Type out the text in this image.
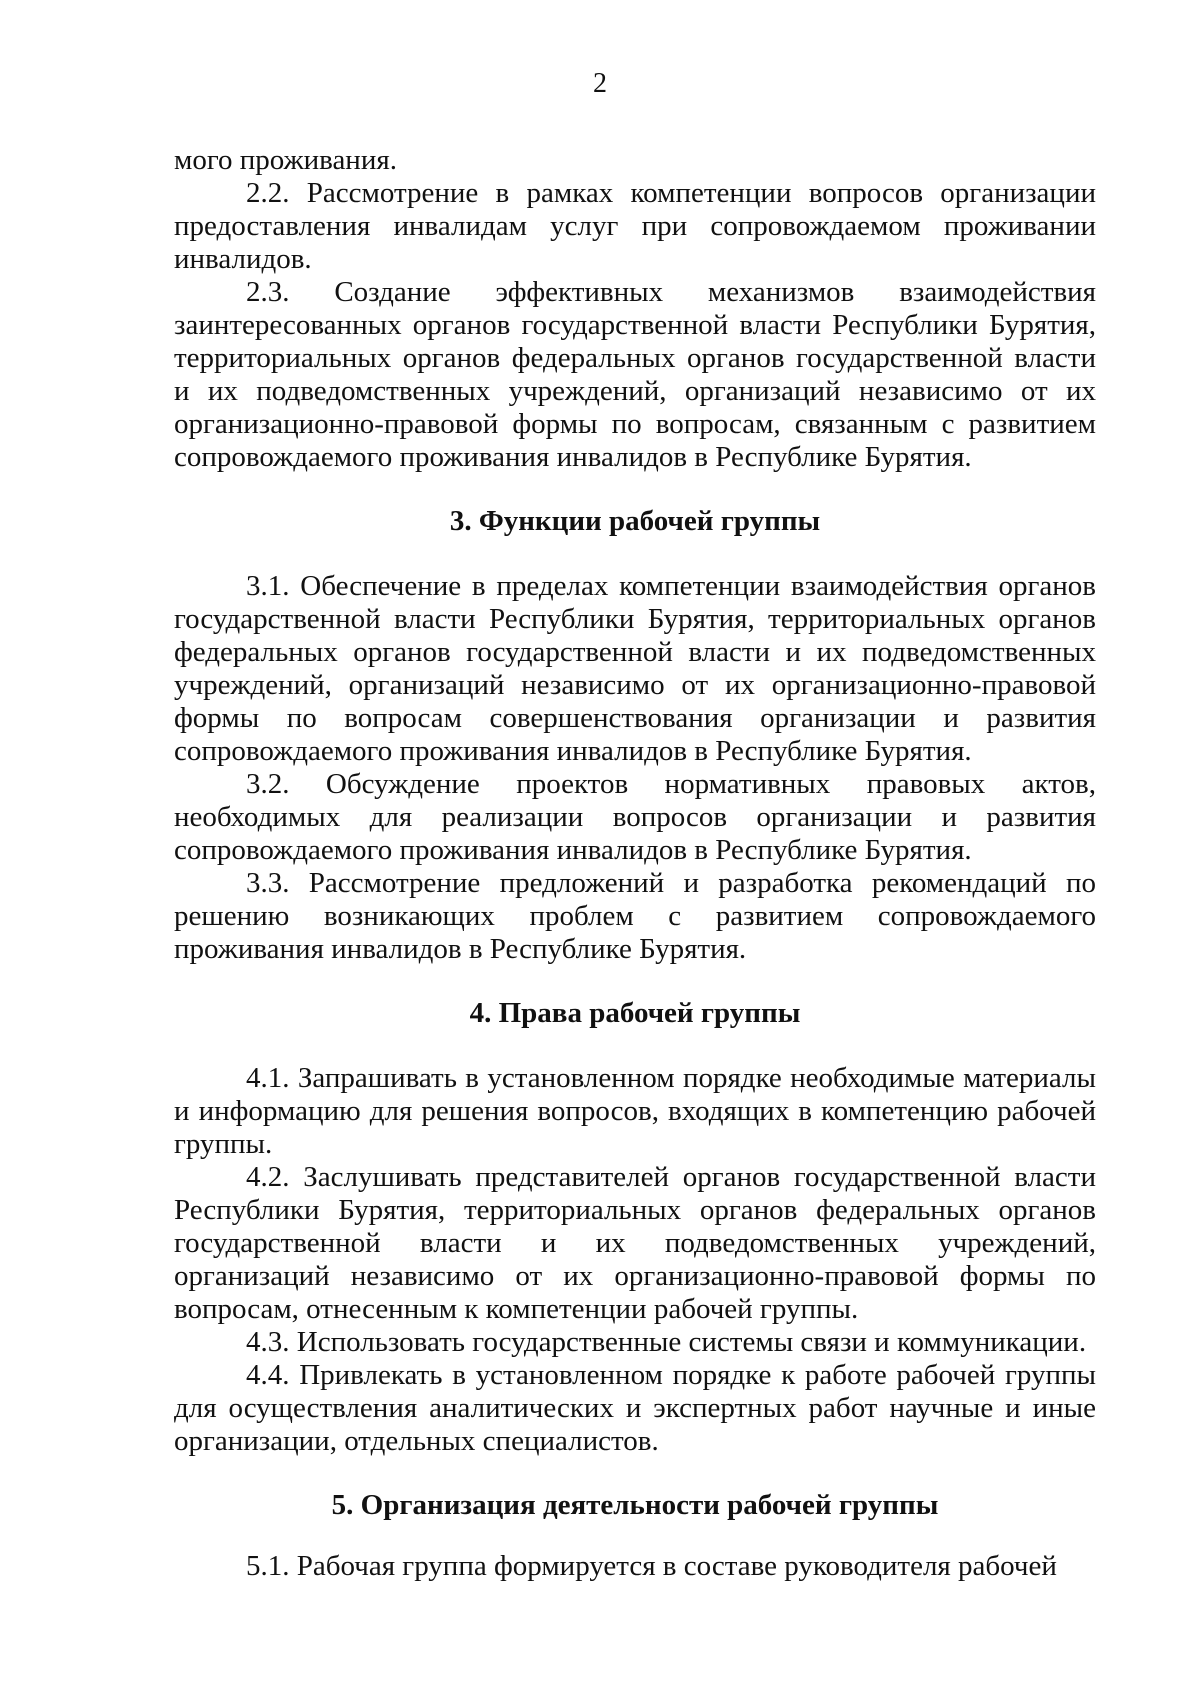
2

мого проживания.

2.2. Рассмотрение в рамках компетенции вопросов организации предоставления инвалидам услуг при сопровождаемом проживании инвалидов.

2.3. Создание эффективных механизмов взаимодействия заинтересованных органов государственной власти Республики Бурятия, территориальных органов федеральных органов государственной власти и их подведомственных учреждений, организаций независимо от их организационно-правовой формы по вопросам, связанным с развитием сопровождаемого проживания инвалидов в Республике Бурятия.

3. Функции рабочей группы

3.1. Обеспечение в пределах компетенции взаимодействия органов государственной власти Республики Бурятия, территориальных органов федеральных органов государственной власти и их подведомственных учреждений, организаций независимо от их организационно-правовой формы по вопросам совершенствования организации и развития сопровождаемого проживания инвалидов в Республике Бурятия.

3.2. Обсуждение проектов нормативных правовых актов, необходимых для реализации вопросов организации и развития сопровождаемого проживания инвалидов в Республике Бурятия.

3.3. Рассмотрение предложений и разработка рекомендаций по решению возникающих проблем с развитием сопровождаемого проживания инвалидов в Республике Бурятия.

4. Права рабочей группы

4.1. Запрашивать в установленном порядке необходимые материалы и информацию для решения вопросов, входящих в компетенцию рабочей группы.

4.2. Заслушивать представителей органов государственной власти Республики Бурятия, территориальных органов федеральных органов государственной власти и их подведомственных учреждений, организаций независимо от их организационно-правовой формы по вопросам, отнесенным к компетенции рабочей группы.

4.3. Использовать государственные системы связи и коммуникации.

4.4. Привлекать в установленном порядке к работе рабочей группы для осуществления аналитических и экспертных работ научные и иные организации, отдельных специалистов.

5. Организация деятельности рабочей группы

5.1. Рабочая группа формируется в составе руководителя рабочей
